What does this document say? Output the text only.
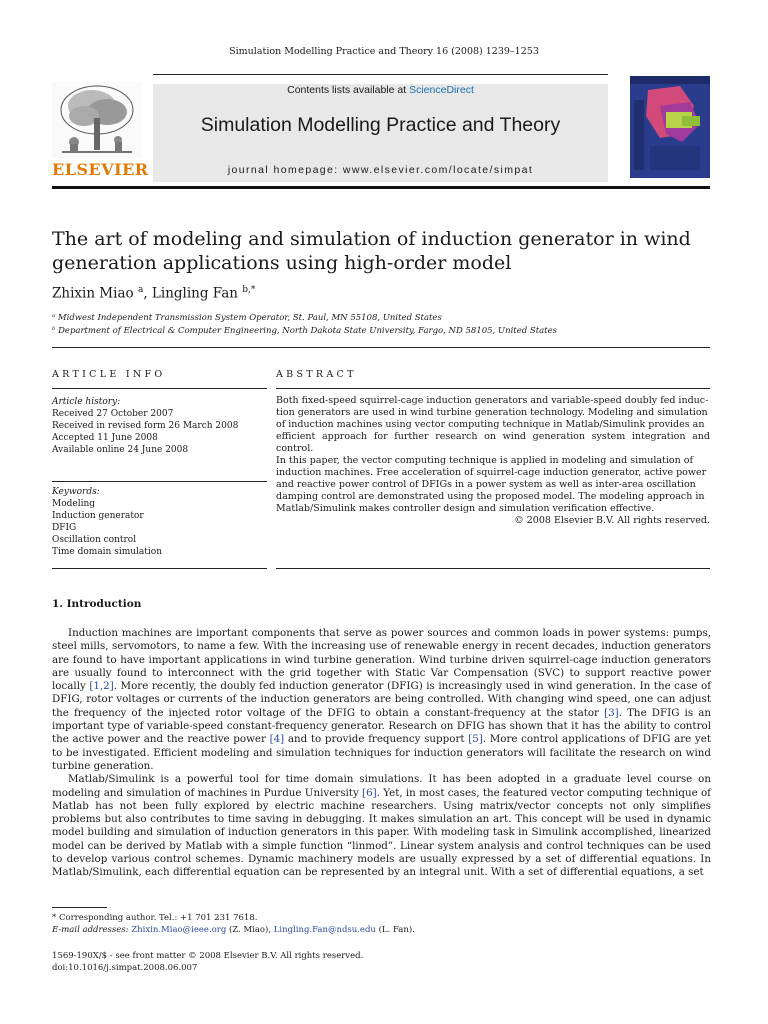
Simulation Modelling Practice and Theory 16 (2008) 1239–1253
ELSEVIER
Contents lists available at ScienceDirect
Simulation Modelling Practice and Theory
journal homepage: www.elsevier.com/locate/simpat
The art of modeling and simulation of induction generator in wind
generation applications using high-order model
Zhixin Miao $^a$, Lingling Fan $^{b,*}$
ᵃ Midwest Independent Transmission System Operator, St. Paul, MN 55108, United States
ᵇ Department of Electrical & Computer Engineering, North Dakota State University, Fargo, ND 58105, United States
ARTICLE INFO
Article history:
Received 27 October 2007
Received in revised form 26 March 2008
Accepted 11 June 2008
Available online 24 June 2008
Keywords:
Modeling
Induction generator
DFIG
Oscillation control
Time domain simulation
ABSTRACT
Both fixed-speed squirrel-cage induction generators and variable-speed doubly fed induc-
tion generators are used in wind turbine generation technology. Modeling and simulation
of induction machines using vector computing technique in Matlab/Simulink provides an
efficient approach for further research on wind generation system integration and control.
In this paper, the vector computing technique is applied in modeling and simulation of
induction machines. Free acceleration of squirrel-cage induction generator, active power
and reactive power control of DFIGs in a power system as well as inter-area oscillation
damping control are demonstrated using the proposed model. The modeling approach in
Matlab/Simulink makes controller design and simulation verification effective.
© 2008 Elsevier B.V. All rights reserved.
1. Introduction

Induction machines are important components that serve as power sources and common loads in power systems: pumps, steel mills, servomotors, to name a few. With the increasing use of renewable energy in recent decades, induction generators are found to have important applications in wind turbine generation. Wind turbine driven squirrel-cage induction generators are usually found to interconnect with the grid together with Static Var Compensation (SVC) to support reactive power locally [1,2]. More recently, the doubly fed induction generator (DFIG) is increasingly used in wind generation. In the case of DFIG, rotor voltages or currents of the induction generators are being controlled. With changing wind speed, one can adjust the frequency of the injected rotor voltage of the DFIG to obtain a constant-frequency at the stator [3]. The DFIG is an important type of variable-speed constant-frequency generator. Research on DFIG has shown that it has the ability to control the active power and the reactive power [4] and to provide frequency support [5]. More control applications of DFIG are yet to be investigated. Efficient modeling and simulation techniques for induction generators will facilitate the research on wind turbine generation.

Matlab/Simulink is a powerful tool for time domain simulations. It has been adopted in a graduate level course on modeling and simulation of machines in Purdue University [6]. Yet, in most cases, the featured vector computing technique of Matlab has not been fully explored by electric machine researchers. Using matrix/vector concepts not only simplifies problems but also contributes to time saving in debugging. It makes simulation an art. This concept will be used in dynamic model building and simulation of induction generators in this paper. With modeling task in Simulink accomplished, linearized model can be derived by Matlab with a simple function “linmod”. Linear system analysis and control techniques can be used to develop various control schemes. Dynamic machinery models are usually expressed by a set of differential equations. In Matlab/Simulink, each differential equation can be represented by an integral unit. With a set of differential equations, a set

* Corresponding author. Tel.: +1 701 231 7618.
E-mail addresses: Zhixin.Miao@ieee.org (Z. Miao), Lingling.Fan@ndsu.edu (L. Fan).
1569-190X/$ - see front matter © 2008 Elsevier B.V. All rights reserved.
doi:10.1016/j.simpat.2008.06.007
